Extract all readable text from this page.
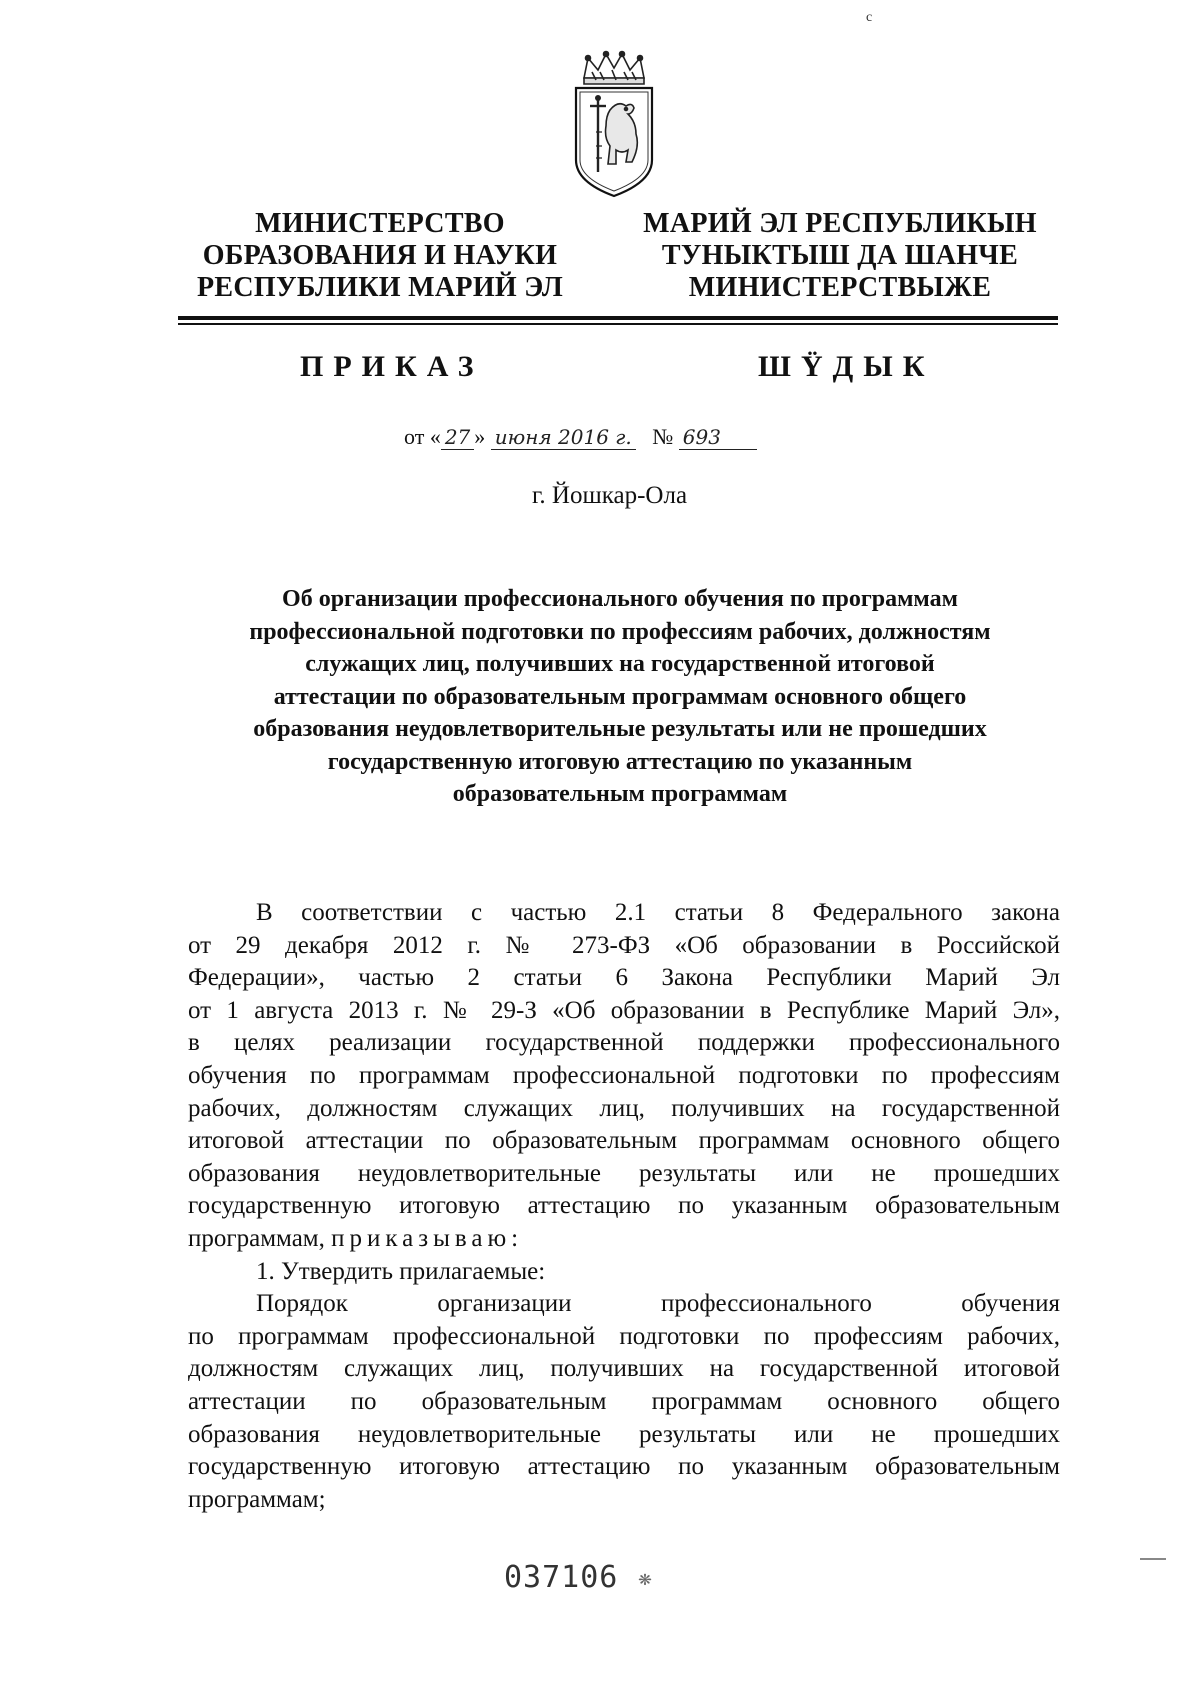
c
МИНИСТЕРСТВО
ОБРАЗОВАНИЯ И НАУКИ
РЕСПУБЛИКИ МАРИЙ ЭЛ
МАРИЙ ЭЛ РЕСПУБЛИКЫН
ТУНЫКТЫШ ДА ШАНЧЕ
МИНИСТЕРСТВЫЖЕ
ПРИКАЗ	ШŸДЫК
от « 27 » июня 2016 г. № 693
г. Йошкар-Ола
Об организации профессионального обучения по программам
профессиональной подготовки по профессиям рабочих, должностям
служащих лиц, получивших на государственной итоговой
аттестации по образовательным программам основного общего
образования неудовлетворительные результаты или не прошедших
государственную итоговую аттестацию по указанным
образовательным программам
В соответствии с частью 2.1 статьи 8 Федерального закона
от 29 декабря 2012 г. № 273-ФЗ «Об образовании в Российской
Федерации», частью 2 статьи 6 Закона Республики Марий Эл
от 1 августа 2013 г. № 29-З «Об образовании в Республике Марий Эл»,
в целях реализации государственной поддержки профессионального
обучения по программам профессиональной подготовки по профессиям
рабочих, должностям служащих лиц, получивших на государственной
итоговой аттестации по образовательным программам основного общего
образования неудовлетворительные результаты или не прошедших
государственную итоговую аттестацию по указанным образовательным
программам, приказываю:
1. Утвердить прилагаемые:
Порядок организации профессионального обучения
по программам профессиональной подготовки по профессиям рабочих,
должностям служащих лиц, получивших на государственной итоговой
аттестации по образовательным программам основного общего
образования неудовлетворительные результаты или не прошедших
государственную итоговую аттестацию по указанным образовательным
программам;
037106 ❋
